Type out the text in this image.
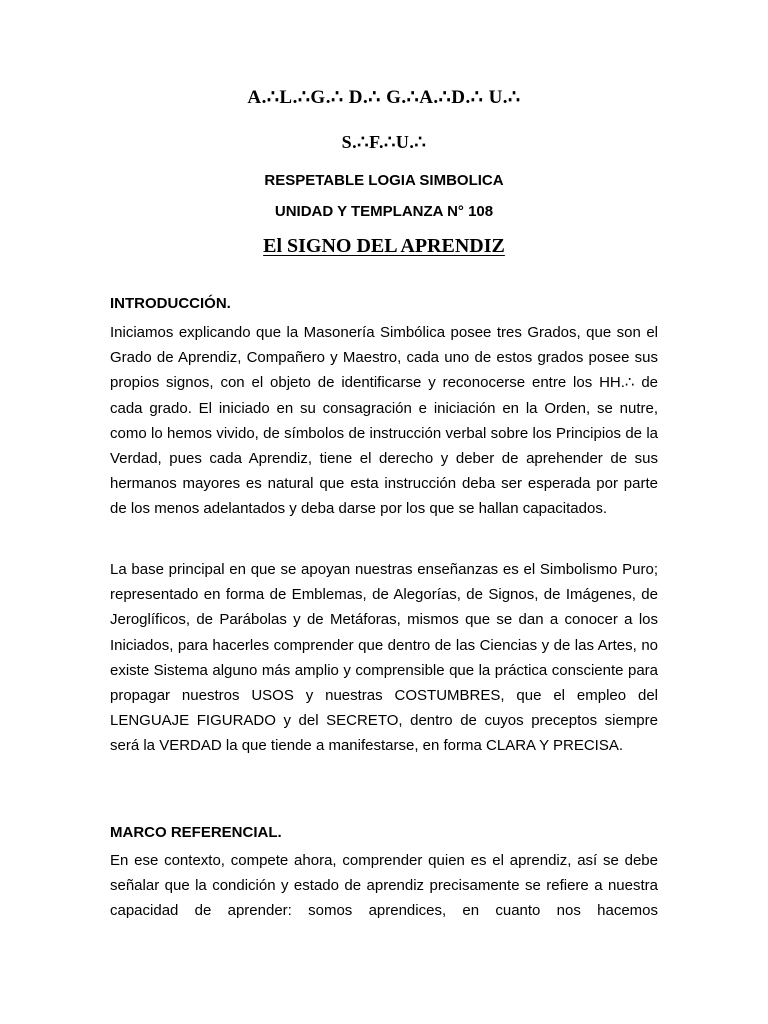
A.∴L.∴G.∴ D.∴ G.∴A.∴D.∴ U.∴
S.∴F.∴U.∴
RESPETABLE LOGIA SIMBOLICA
UNIDAD Y TEMPLANZA N° 108
El SIGNO DEL APRENDIZ
INTRODUCCIÓN.

Iniciamos explicando que la Masonería Simbólica posee tres Grados, que son el Grado de Aprendiz, Compañero y Maestro, cada uno de estos grados posee sus propios signos, con el objeto de identificarse y reconocerse entre los HH.∴ de cada grado. El iniciado en su consagración e iniciación en la Orden, se nutre, como lo hemos vivido, de símbolos de instrucción verbal sobre los Principios de la Verdad, pues cada Aprendiz, tiene el derecho y deber de aprehender de sus hermanos mayores es natural que esta instrucción deba ser esperada por parte de los menos adelantados y deba darse por los que se hallan capacitados.

La base principal en que se apoyan nuestras enseñanzas es el Simbolismo Puro; representado en forma de Emblemas, de Alegorías, de Signos, de Imágenes, de Jeroglíficos, de Parábolas y de Metáforas, mismos que se dan a conocer a los Iniciados, para hacerles comprender que dentro de las Ciencias y de las Artes, no existe Sistema alguno más amplio y comprensible que la práctica consciente para propagar nuestros USOS y nuestras COSTUMBRES, que el empleo del LENGUAJE FIGURADO y del SECRETO, dentro de cuyos preceptos siempre será la VERDAD la que tiende a manifestarse, en forma CLARA Y PRECISA.

MARCO REFERENCIAL.

En ese contexto, compete ahora, comprender quien es el aprendiz, así se debe señalar que la condición y estado de aprendiz precisamente se refiere a nuestra capacidad de aprender: somos aprendices, en cuanto nos hacemos
